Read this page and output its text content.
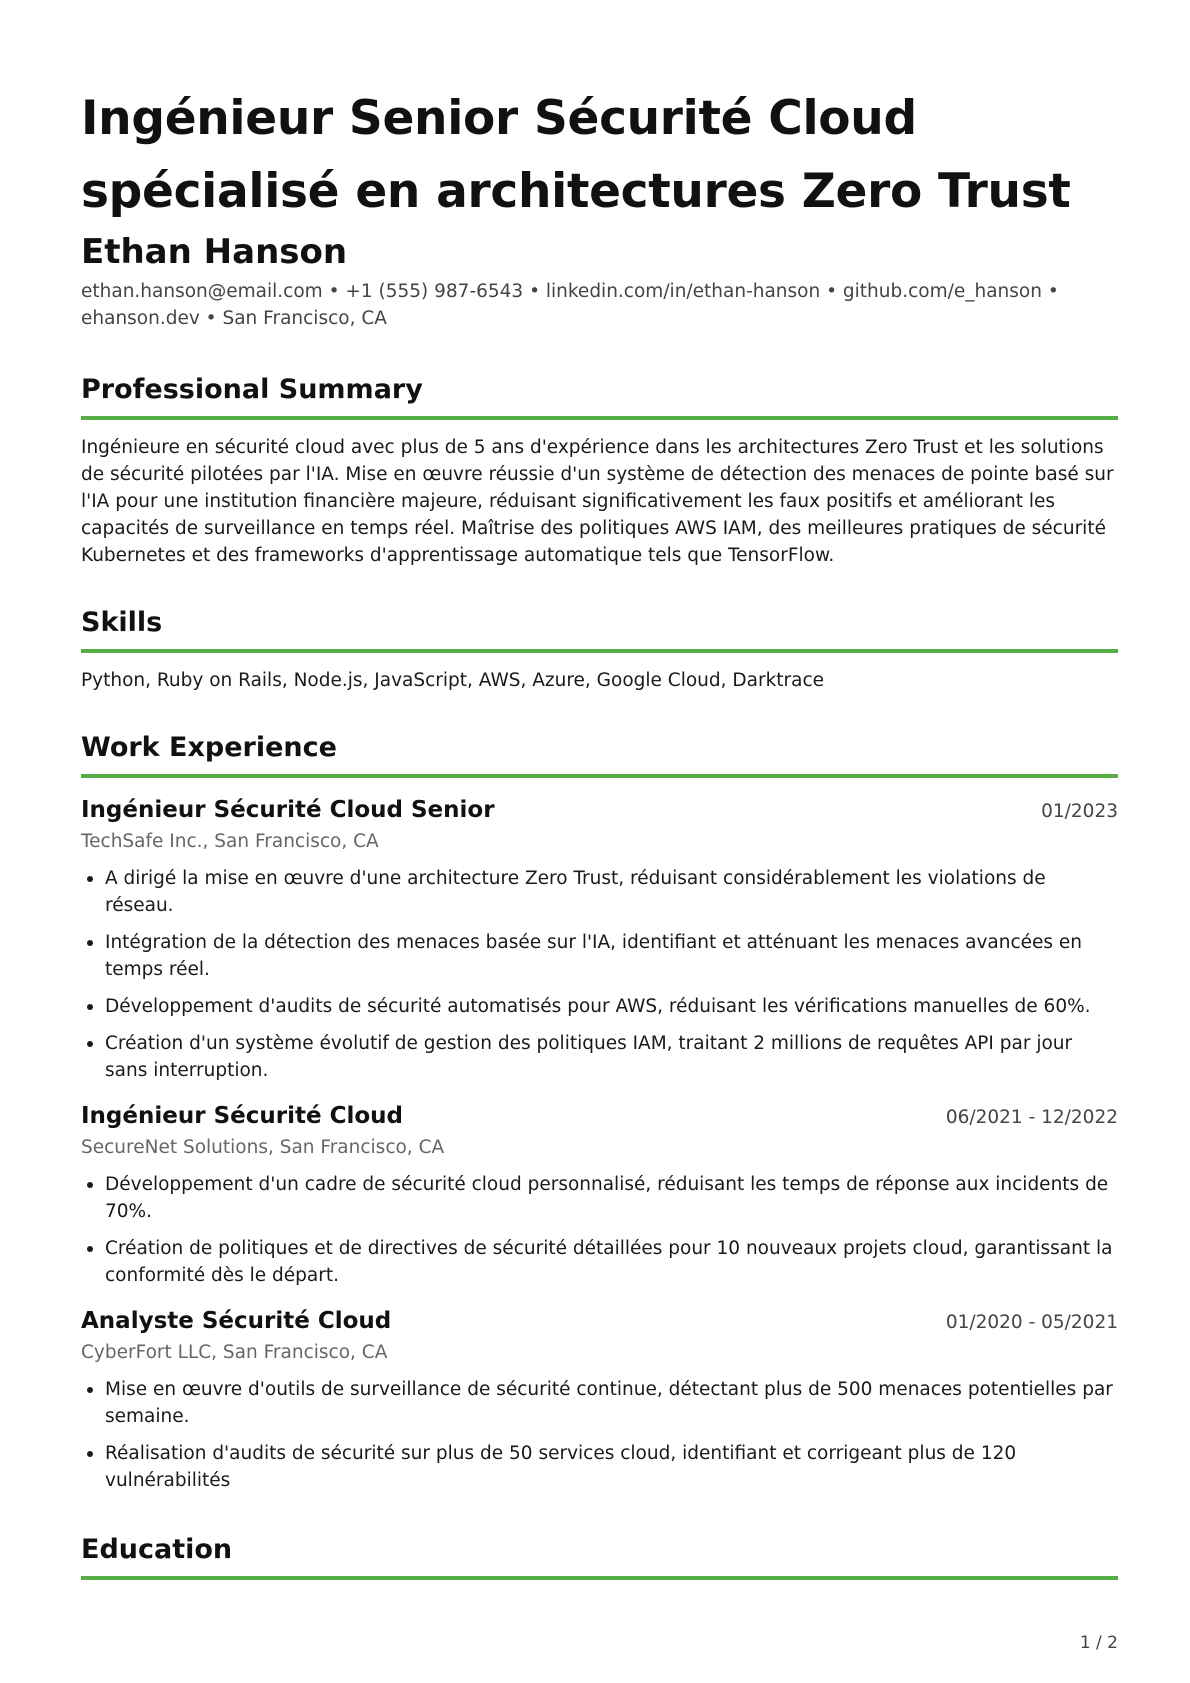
Ingénieur Senior Sécurité Cloud
spécialisé en architectures Zero Trust
Ethan Hanson

ethan.hanson@email.com • +1 (555) 987-6543 • linkedin.com/in/ethan-hanson • github.com/e_hanson •
ehanson.dev • San Francisco, CA

Professional Summary

Ingénieure en sécurité cloud avec plus de 5 ans d'expérience dans les architectures Zero Trust et les solutions de sécurité pilotées par l'IA. Mise en œuvre réussie d'un système de détection des menaces de pointe basé sur l'IA pour une institution financière majeure, réduisant significativement les faux positifs et améliorant les capacités de surveillance en temps réel. Maîtrise des politiques AWS IAM, des meilleures pratiques de sécurité Kubernetes et des frameworks d'apprentissage automatique tels que TensorFlow.

Skills

Python, Ruby on Rails, Node.js, JavaScript, AWS, Azure, Google Cloud, Darktrace

Work Experience
Ingénieur Sécurité Cloud Senior	01/2023
TechSafe Inc., San Francisco, CA
A dirigé la mise en œuvre d'une architecture Zero Trust, réduisant considérablement les violations de réseau.
Intégration de la détection des menaces basée sur l'IA, identifiant et atténuant les menaces avancées en temps réel.
Développement d'audits de sécurité automatisés pour AWS, réduisant les vérifications manuelles de 60%.
Création d'un système évolutif de gestion des politiques IAM, traitant 2 millions de requêtes API par jour sans interruption.
Ingénieur Sécurité Cloud	06/2021 - 12/2022
SecureNet Solutions, San Francisco, CA
Développement d'un cadre de sécurité cloud personnalisé, réduisant les temps de réponse aux incidents de 70%.
Création de politiques et de directives de sécurité détaillées pour 10 nouveaux projets cloud, garantissant la conformité dès le départ.
Analyste Sécurité Cloud	01/2020 - 05/2021
CyberFort LLC, San Francisco, CA
Mise en œuvre d'outils de surveillance de sécurité continue, détectant plus de 500 menaces potentielles par semaine.
Réalisation d'audits de sécurité sur plus de 50 services cloud, identifiant et corrigeant plus de 120 vulnérabilités
Education
1 / 2
